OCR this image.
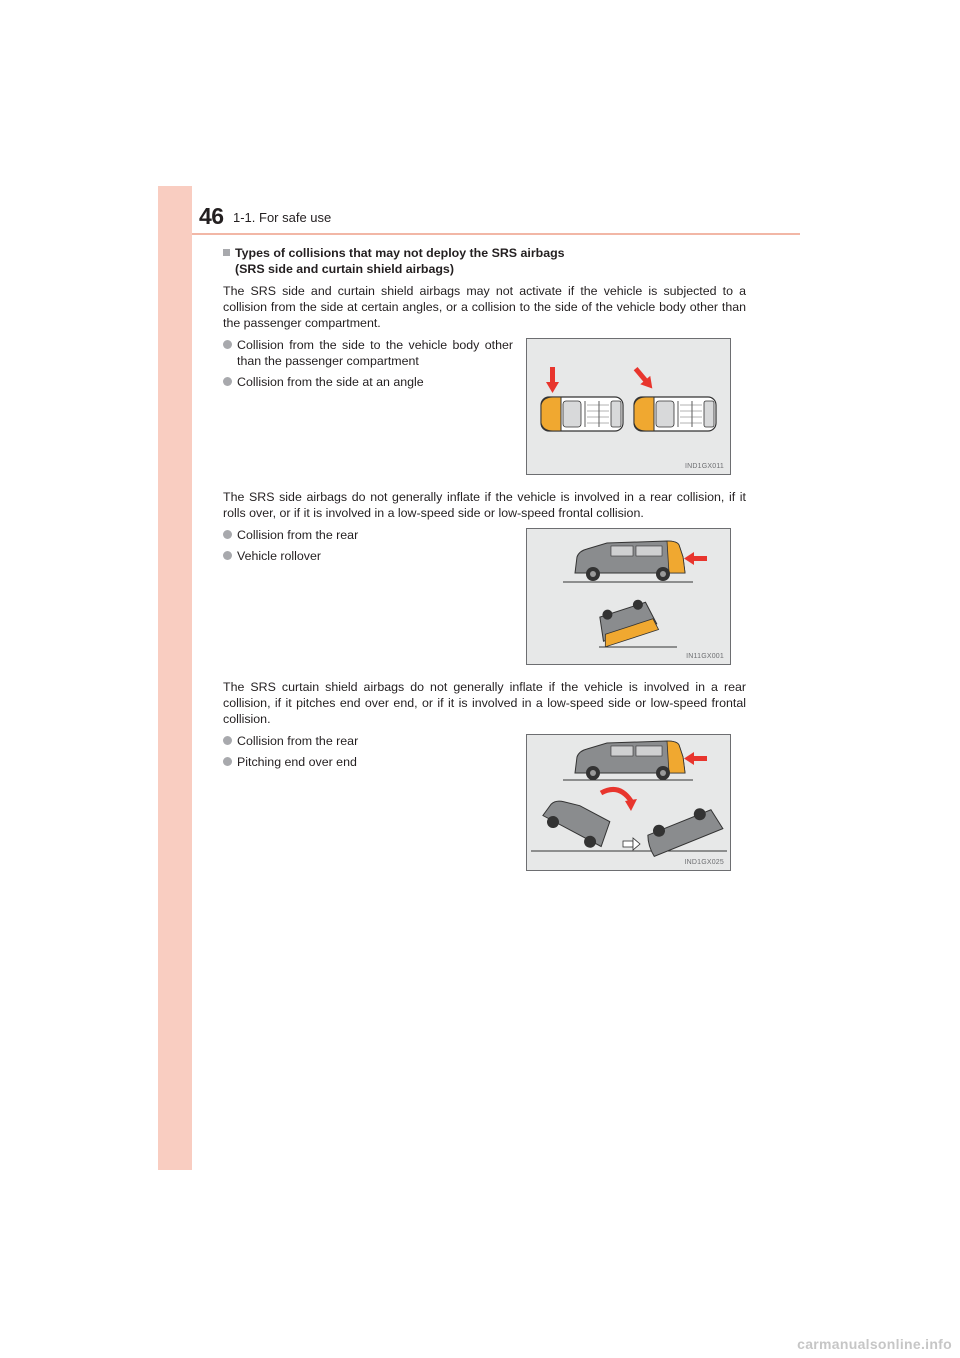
46 1-1. For safe use
Types of collisions that may not deploy the SRS airbags
(SRS side and curtain shield airbags)
The SRS side and curtain shield airbags may not activate if the vehicle is subjected to a collision from the side at certain angles, or a collision to the side of the vehicle body other than the passenger compartment.
Collision from the side to the vehicle body other than the passenger compartment
Collision from the side at an angle
IND1GX011
The SRS side airbags do not generally inflate if the vehicle is involved in a rear collision, if it rolls over, or if it is involved in a low-speed side or low-speed frontal collision.
Collision from the rear
Vehicle rollover
IN11GX001
The SRS curtain shield airbags do not generally inflate if the vehicle is involved in a rear collision, if it pitches end over end, or if it is involved in a low-speed side or low-speed frontal collision.
Collision from the rear
Pitching end over end
IND1GX025
carmanualsonline.info
